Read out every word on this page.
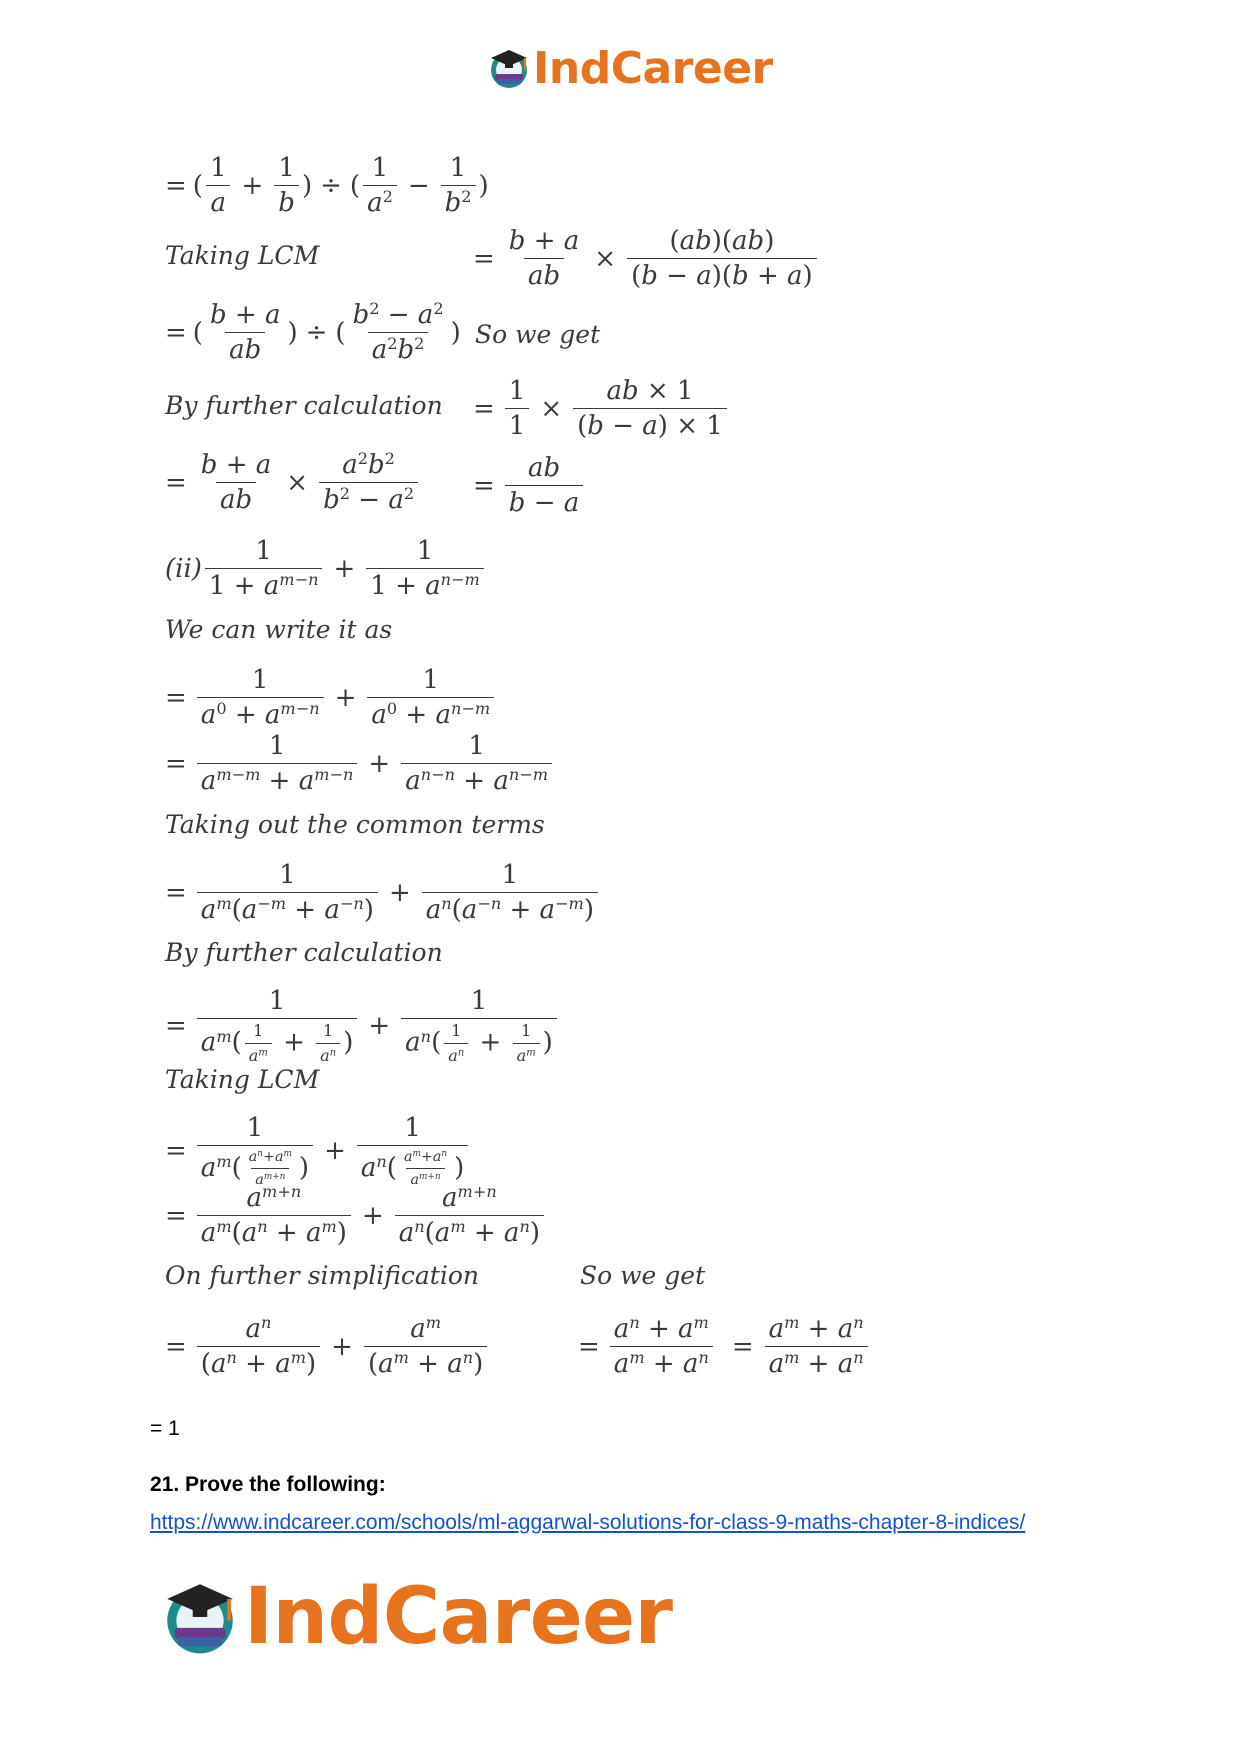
IndCareer
= ( $\frac{1}{a} + \frac{1}{b}$ ) ÷ ( $\frac{1}{a^2} - \frac{1}{b^2}$ )
Taking LCM	= $\frac{b + a}{ab} \times \frac{(ab)(ab)}{(b - a)(b + a)}$
= ( $\frac{b + a}{ab}$ ) ÷ ( $\frac{b^2 - a^2}{a^2b^2}$ ) So we get
By further calculation = $\frac{1}{1} \times \frac{ab \times 1}{(b - a) \times 1}$
= $\frac{b + a}{ab} \times \frac{a^2b^2}{b^2 - a^2} = \frac{ab}{b - a}$
$(ii) \frac{1}{1 + a^{m-n}} + \frac{1}{1 + a^{n-m}}$
We can write it as
= $\frac{1}{a^0 + a^{m-n}} + \frac{1}{a^0 + a^{n-m}}$
= $\frac{1}{a^{m-m} + a^{m-n}} + \frac{1}{a^{n-n} + a^{n-m}}$
Taking out the common terms
= $\frac{1}{a^m(a^{-m} + a^{-n})} + \frac{1}{a^n(a^{-n} + a^{-m})}$
By further calculation
= $\frac{1}{a^m( \frac{1}{a^m} + \frac{1}{a^n} )} + \frac{1}{a^n( \frac{1}{a^n} + \frac{1}{a^m} )}$
Taking LCM
= $\frac{1}{a^m( \frac{a^n+a^m}{a^{m+n}} )} + \frac{1}{a^n( \frac{a^m+a^n}{a^{m+n}} )}$
= $\frac{a^{m+n}}{a^m(a^n + a^m)} + \frac{a^{m+n}}{a^n(a^m + a^n)}$
On further simplification	So we get
= $\frac{a^n}{(a^n + a^m)} + \frac{a^m}{(a^m + a^n)}$	= $\frac{a^n + a^m}{a^m + a^n} = \frac{a^m + a^n}{a^m + a^n}$
= 1
21. Prove the following:
https://www.indcareer.com/schools/ml-aggarwal-solutions-for-class-9-maths-chapter-8-indices/
IndCareer
